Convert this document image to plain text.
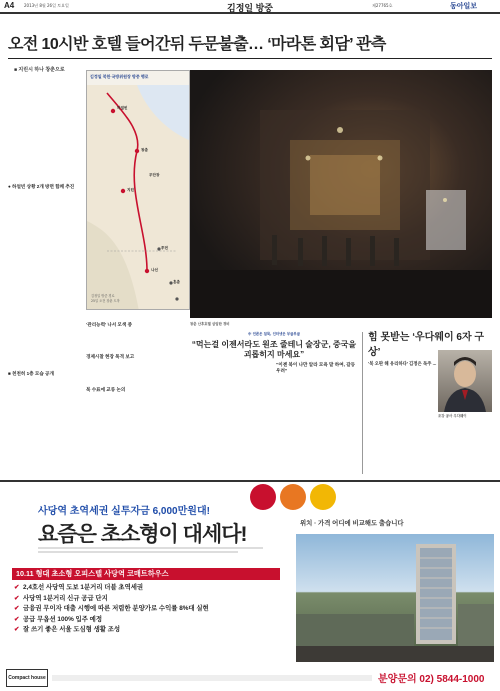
A4 2013년 8월 26일 토요일	김정일 방중	제27765호	동아일보
오전 10시반 호텔 들어간뒤 두문불출… ‘마라톤 회담’ 관측
■ 지린시 하나 창춘으로
● 하얼빈 상황 2개 방면 함께 추진
■ 천천히 1층 모습 공개
김정일 북한 국방위원장 방중 행로
하얼빈
창춘
지린
무단장
투먼
훈춘
나선
김정일 방중 경로
25일 오전 창춘 도착
창춘 난후호텔 삼엄한 경비
‘관리능력’ 나서 모색 중
경제시찰 현장 목격 보고
북 수표에 교류 논의
中 언론은 침묵, 인터넷은 부글부글
“먹는걸 이젠서라도 원조 줄테니 술장군, 중국을 괴롭히지 마세요”
“이젠 북이 나만 알라 모욕 말 하여, 갈등 우려”
힘 못받는 ‘우다웨이 6자 구상’
‘북 오판 해 유리하다’ 김정은 독주 ...
조강 공사 우다웨이
사당역 초역세권 실투자금 6,000만원대!
요즘은 초소형이 대세다!	위치 · 가격 어디에 비교해도 출습니다
10.11 형대 초소형 오피스텔 사당역 코매트하우스
✔ 2,4호선 사당역 도보 1분거리 더블 초역세권
✔ 사당역 1분거리 신규 공급 단지
✔ 금융권 무이자 대출 시행에 따른 저렴한 분양가로 수익률 8%대 실현
✔ 공급 무옵션 100% 입주 예정
✔ 잘 쓰기 좋은 서울 도심형 생활 조성
Compact house	분양문의 02) 5844-1000
